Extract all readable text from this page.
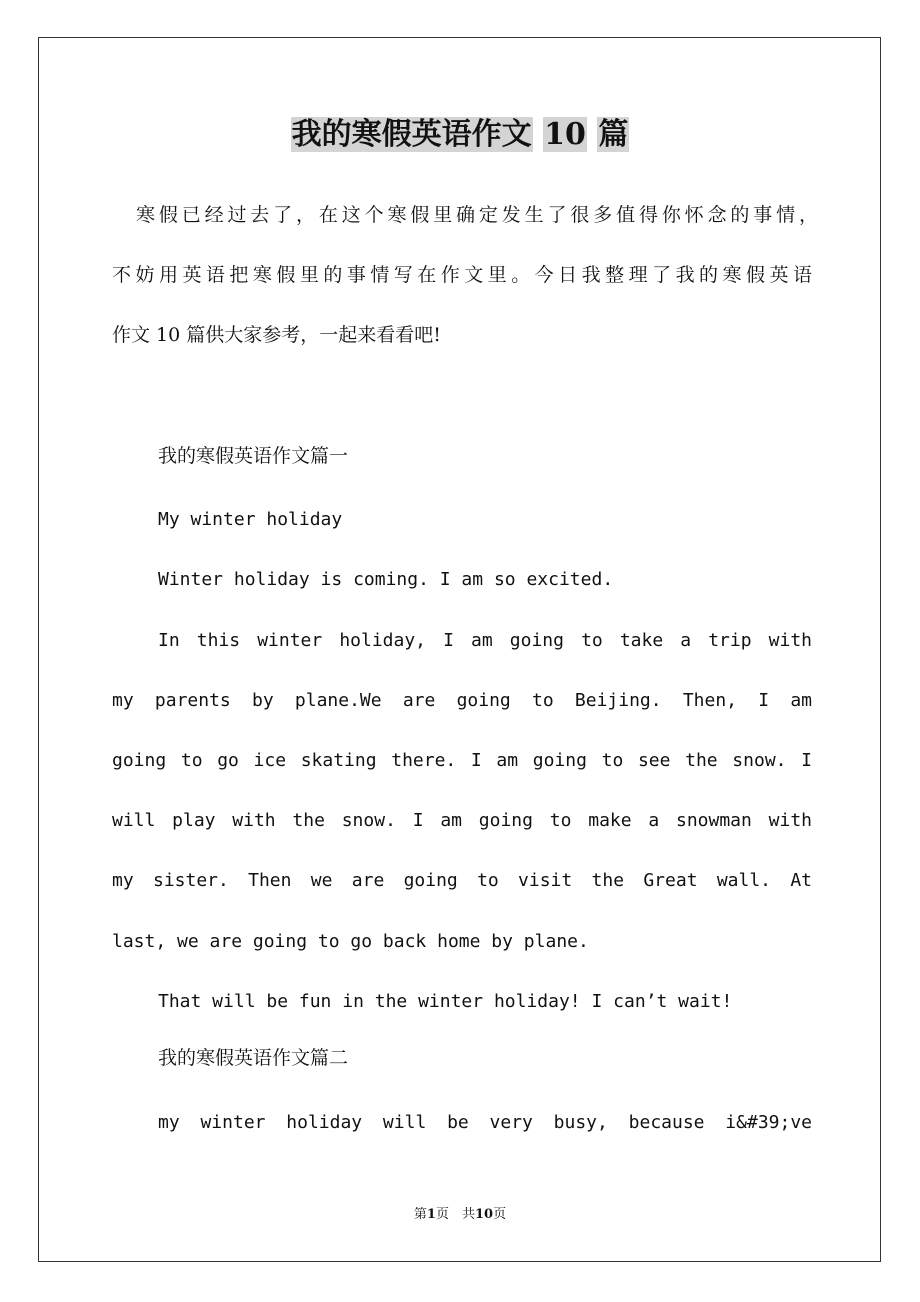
我的寒假英语作文 10 篇

寒假已经过去了，在这个寒假里确定发生了很多值得你怀念的事情，

不妨用英语把寒假里的事情写在作文里。今日我整理了我的寒假英语

作文 10 篇供大家参考，一起来看看吧!

我的寒假英语作文篇一

My winter holiday

Winter holiday is coming. I am so excited.

In this winter holiday, I am going to take a trip with

my parents by plane.We are going to Beijing. Then, I am

going to go ice skating there. I am going to see the snow. I

will play with the snow. I am going to make a snowman with

my sister. Then we are going to visit the Great wall. At

last, we are going to go back home by plane.

That will be fun in the winter holiday! I can’t wait!

我的寒假英语作文篇二

my winter holiday will be very busy, because i&#39;ve

第1页　共10页
